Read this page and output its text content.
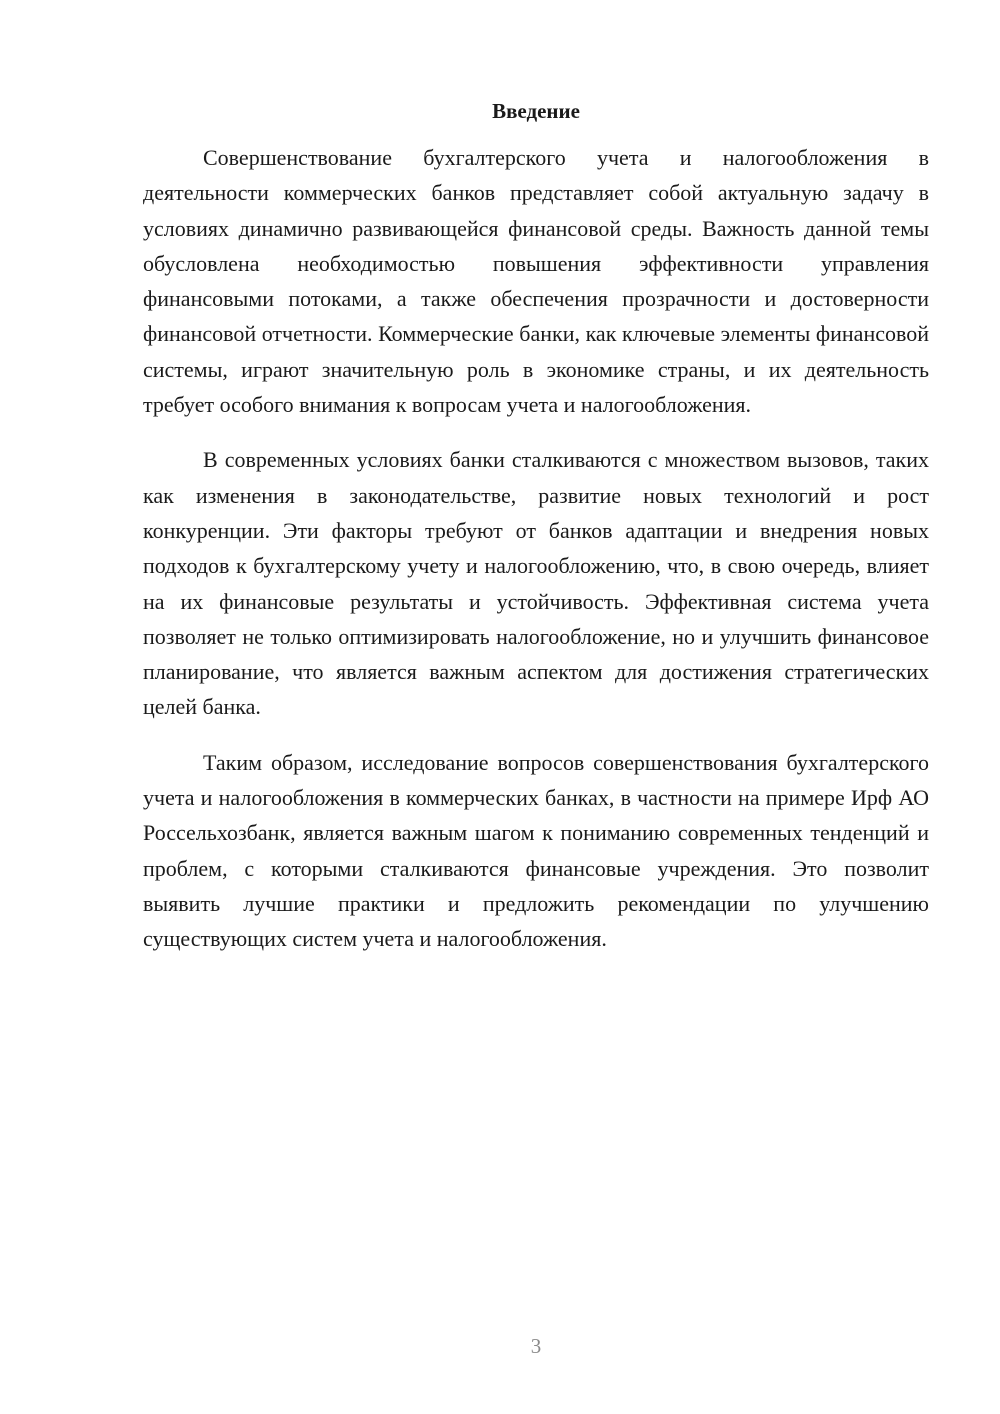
Введение

Совершенствование бухгалтерского учета и налогообложения в деятельности коммерческих банков представляет собой актуальную задачу в условиях динамично развивающейся финансовой среды. Важность данной темы обусловлена необходимостью повышения эффективности управления финансовыми потоками, а также обеспечения прозрачности и достоверности финансовой отчетности. Коммерческие банки, как ключевые элементы финансовой системы, играют значительную роль в экономике страны, и их деятельность требует особого внимания к вопросам учета и налогообложения.

В современных условиях банки сталкиваются с множеством вызовов, таких как изменения в законодательстве, развитие новых технологий и рост конкуренции. Эти факторы требуют от банков адаптации и внедрения новых подходов к бухгалтерскому учету и налогообложению, что, в свою очередь, влияет на их финансовые результаты и устойчивость. Эффективная система учета позволяет не только оптимизировать налогообложение, но и улучшить финансовое планирование, что является важным аспектом для достижения стратегических целей банка.

Таким образом, исследование вопросов совершенствования бухгалтерского учета и налогообложения в коммерческих банках, в частности на примере Ирф АО Россельхозбанк, является важным шагом к пониманию современных тенденций и проблем, с которыми сталкиваются финансовые учреждения. Это позволит выявить лучшие практики и предложить рекомендации по улучшению существующих систем учета и налогообложения.

3
